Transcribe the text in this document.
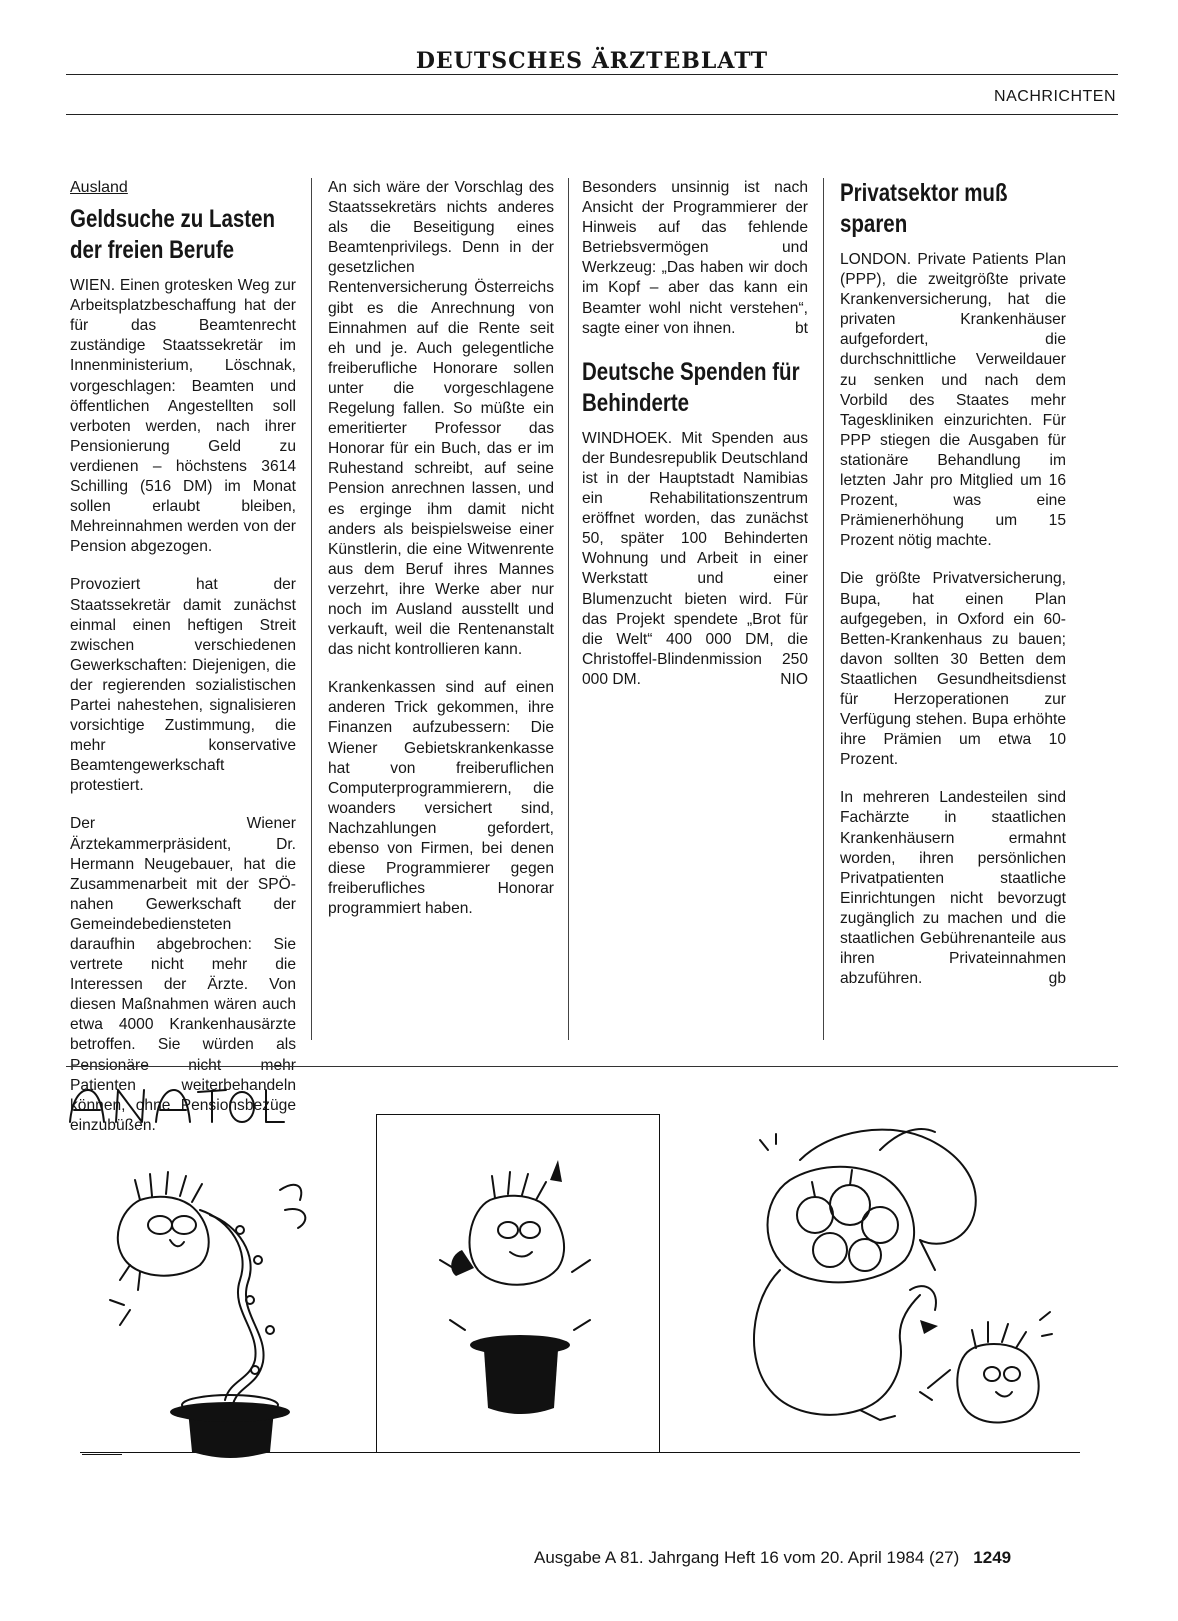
DEUTSCHES ÄRZTEBLATT
NACHRICHTEN
Ausland
Geldsuche zu Lasten der freien Berufe

WIEN. Einen grotesken Weg zur Arbeitsplatzbeschaffung hat der für das Beamtenrecht zuständige Staatssekretär im Innenministerium, Löschnak, vorgeschlagen: Beamten und öffentlichen Angestellten soll verboten werden, nach ihrer Pensionierung Geld zu verdienen – höchstens 3614 Schilling (516 DM) im Monat sollen erlaubt bleiben, Mehreinnahmen werden von der Pension abgezogen.

Provoziert hat der Staatssekretär damit zunächst einmal einen heftigen Streit zwischen verschiedenen Gewerkschaften: Diejenigen, die der regierenden sozialistischen Partei nahestehen, signalisieren vorsichtige Zustimmung, die mehr konservative Beamtengewerkschaft protestiert.

Der Wiener Ärztekammerpräsident, Dr. Hermann Neugebauer, hat die Zusammenarbeit mit der SPÖ-nahen Gewerkschaft der Gemeindebediensteten daraufhin abgebrochen: Sie vertrete nicht mehr die Interessen der Ärzte. Von diesen Maßnahmen wären auch etwa 4000 Krankenhausärzte betroffen. Sie würden als Pensionäre nicht mehr Patienten weiterbehandeln können, ohne Pensionsbezüge einzubüßen.

An sich wäre der Vorschlag des Staatssekretärs nichts anderes als die Beseitigung eines Beamtenprivilegs. Denn in der gesetzlichen Rentenversicherung Österreichs gibt es die Anrechnung von Einnahmen auf die Rente seit eh und je. Auch gelegentliche freiberufliche Honorare sollen unter die vorgeschlagene Regelung fallen. So müßte ein emeritierter Professor das Honorar für ein Buch, das er im Ruhestand schreibt, auf seine Pension anrechnen lassen, und es erginge ihm damit nicht anders als beispielsweise einer Künstlerin, die eine Witwenrente aus dem Beruf ihres Mannes verzehrt, ihre Werke aber nur noch im Ausland ausstellt und verkauft, weil die Rentenanstalt das nicht kontrollieren kann.

Krankenkassen sind auf einen anderen Trick gekommen, ihre Finanzen aufzubessern: Die Wiener Gebietskrankenkasse hat von freiberuflichen Computerprogrammierern, die woanders versichert sind, Nachzahlungen gefordert, ebenso von Firmen, bei denen diese Programmierer gegen freiberufliches Honorar programmiert haben.

Besonders unsinnig ist nach Ansicht der Programmierer der Hinweis auf das fehlende Betriebsvermögen und Werkzeug: „Das haben wir doch im Kopf – aber das kann ein Beamter wohl nicht verstehen“, sagte einer von ihnen.	bt

Deutsche Spenden für Behinderte

WINDHOEK. Mit Spenden aus der Bundesrepublik Deutschland ist in der Hauptstadt Namibias ein Rehabilitationszentrum eröffnet worden, das zunächst 50, später 100 Behinderten Wohnung und Arbeit in einer Werkstatt und einer Blumenzucht bieten wird. Für das Projekt spendete „Brot für die Welt“ 400 000 DM, die Christoffel-Blindenmission 250 000 DM.	NIO

Privatsektor muß sparen

LONDON. Private Patients Plan (PPP), die zweitgrößte private Krankenversicherung, hat die privaten Krankenhäuser aufgefordert, die durchschnittliche Verweildauer zu senken und nach dem Vorbild des Staates mehr Tageskliniken einzurichten. Für PPP stiegen die Ausgaben für stationäre Behandlung im letzten Jahr pro Mitglied um 16 Prozent, was eine Prämienerhöhung um 15 Prozent nötig machte.

Die größte Privatversicherung, Bupa, hat einen Plan aufgegeben, in Oxford ein 60-Betten-Krankenhaus zu bauen; davon sollten 30 Betten dem Staatlichen Gesundheitsdienst für Herzoperationen zur Verfügung stehen. Bupa erhöhte ihre Prämien um etwa 10 Prozent.

In mehreren Landesteilen sind Fachärzte in staatlichen Krankenhäusern ermahnt worden, ihren persönlichen Privatpatienten staatliche Einrichtungen nicht bevorzugt zugänglich zu machen und die staatlichen Gebührenanteile aus ihren Privateinnahmen abzuführen.	gb

Ausgabe A 81. Jahrgang Heft 16 vom 20. April 1984 (27) 1249
